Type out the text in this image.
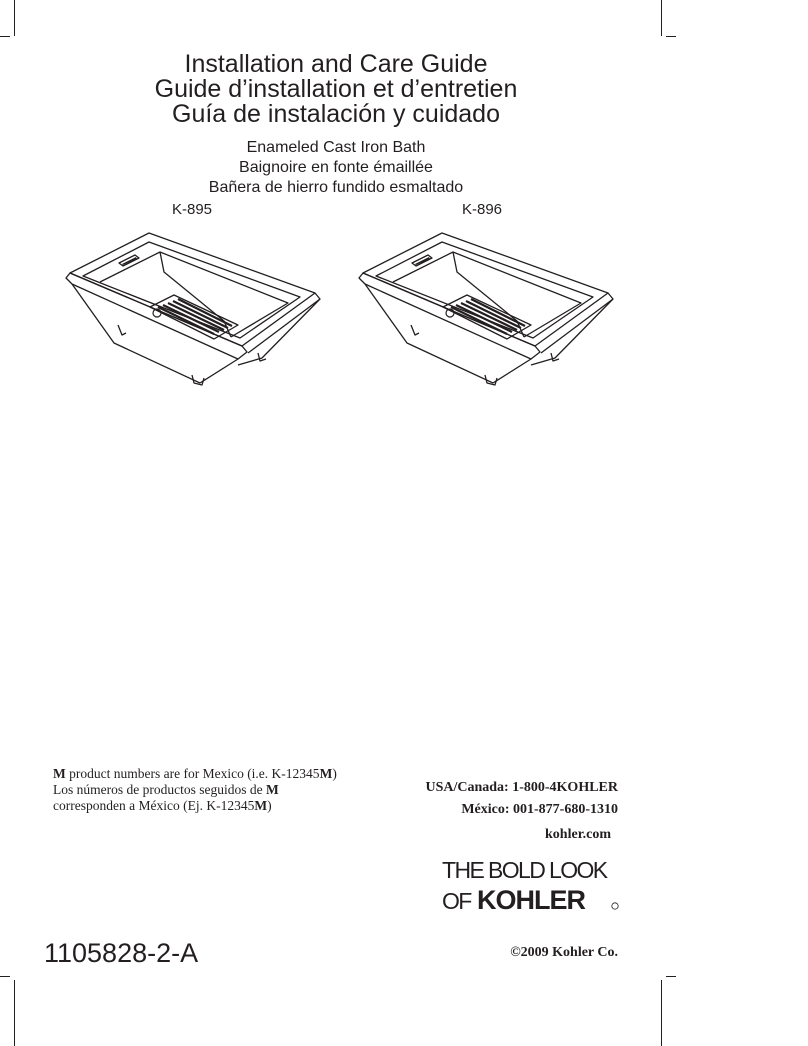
Installation and Care Guide

Guide d’installation et d’entretien

Guía de instalación y cuidado

Enameled Cast Iron Bath
Baignoire en fonte émaillée
Bañera de hierro fundido esmaltado
K-895	K-896
M product numbers are for Mexico (i.e. K-12345M)
Los números de productos seguidos de M
corresponden a México (Ej. K-12345M)
USA/Canada: 1-800-4KOHLER
México: 001-877-680-1310
kohler.com
THE BOLD LOOK
OF KOHLER
1105828-2-A	©2009 Kohler Co.
